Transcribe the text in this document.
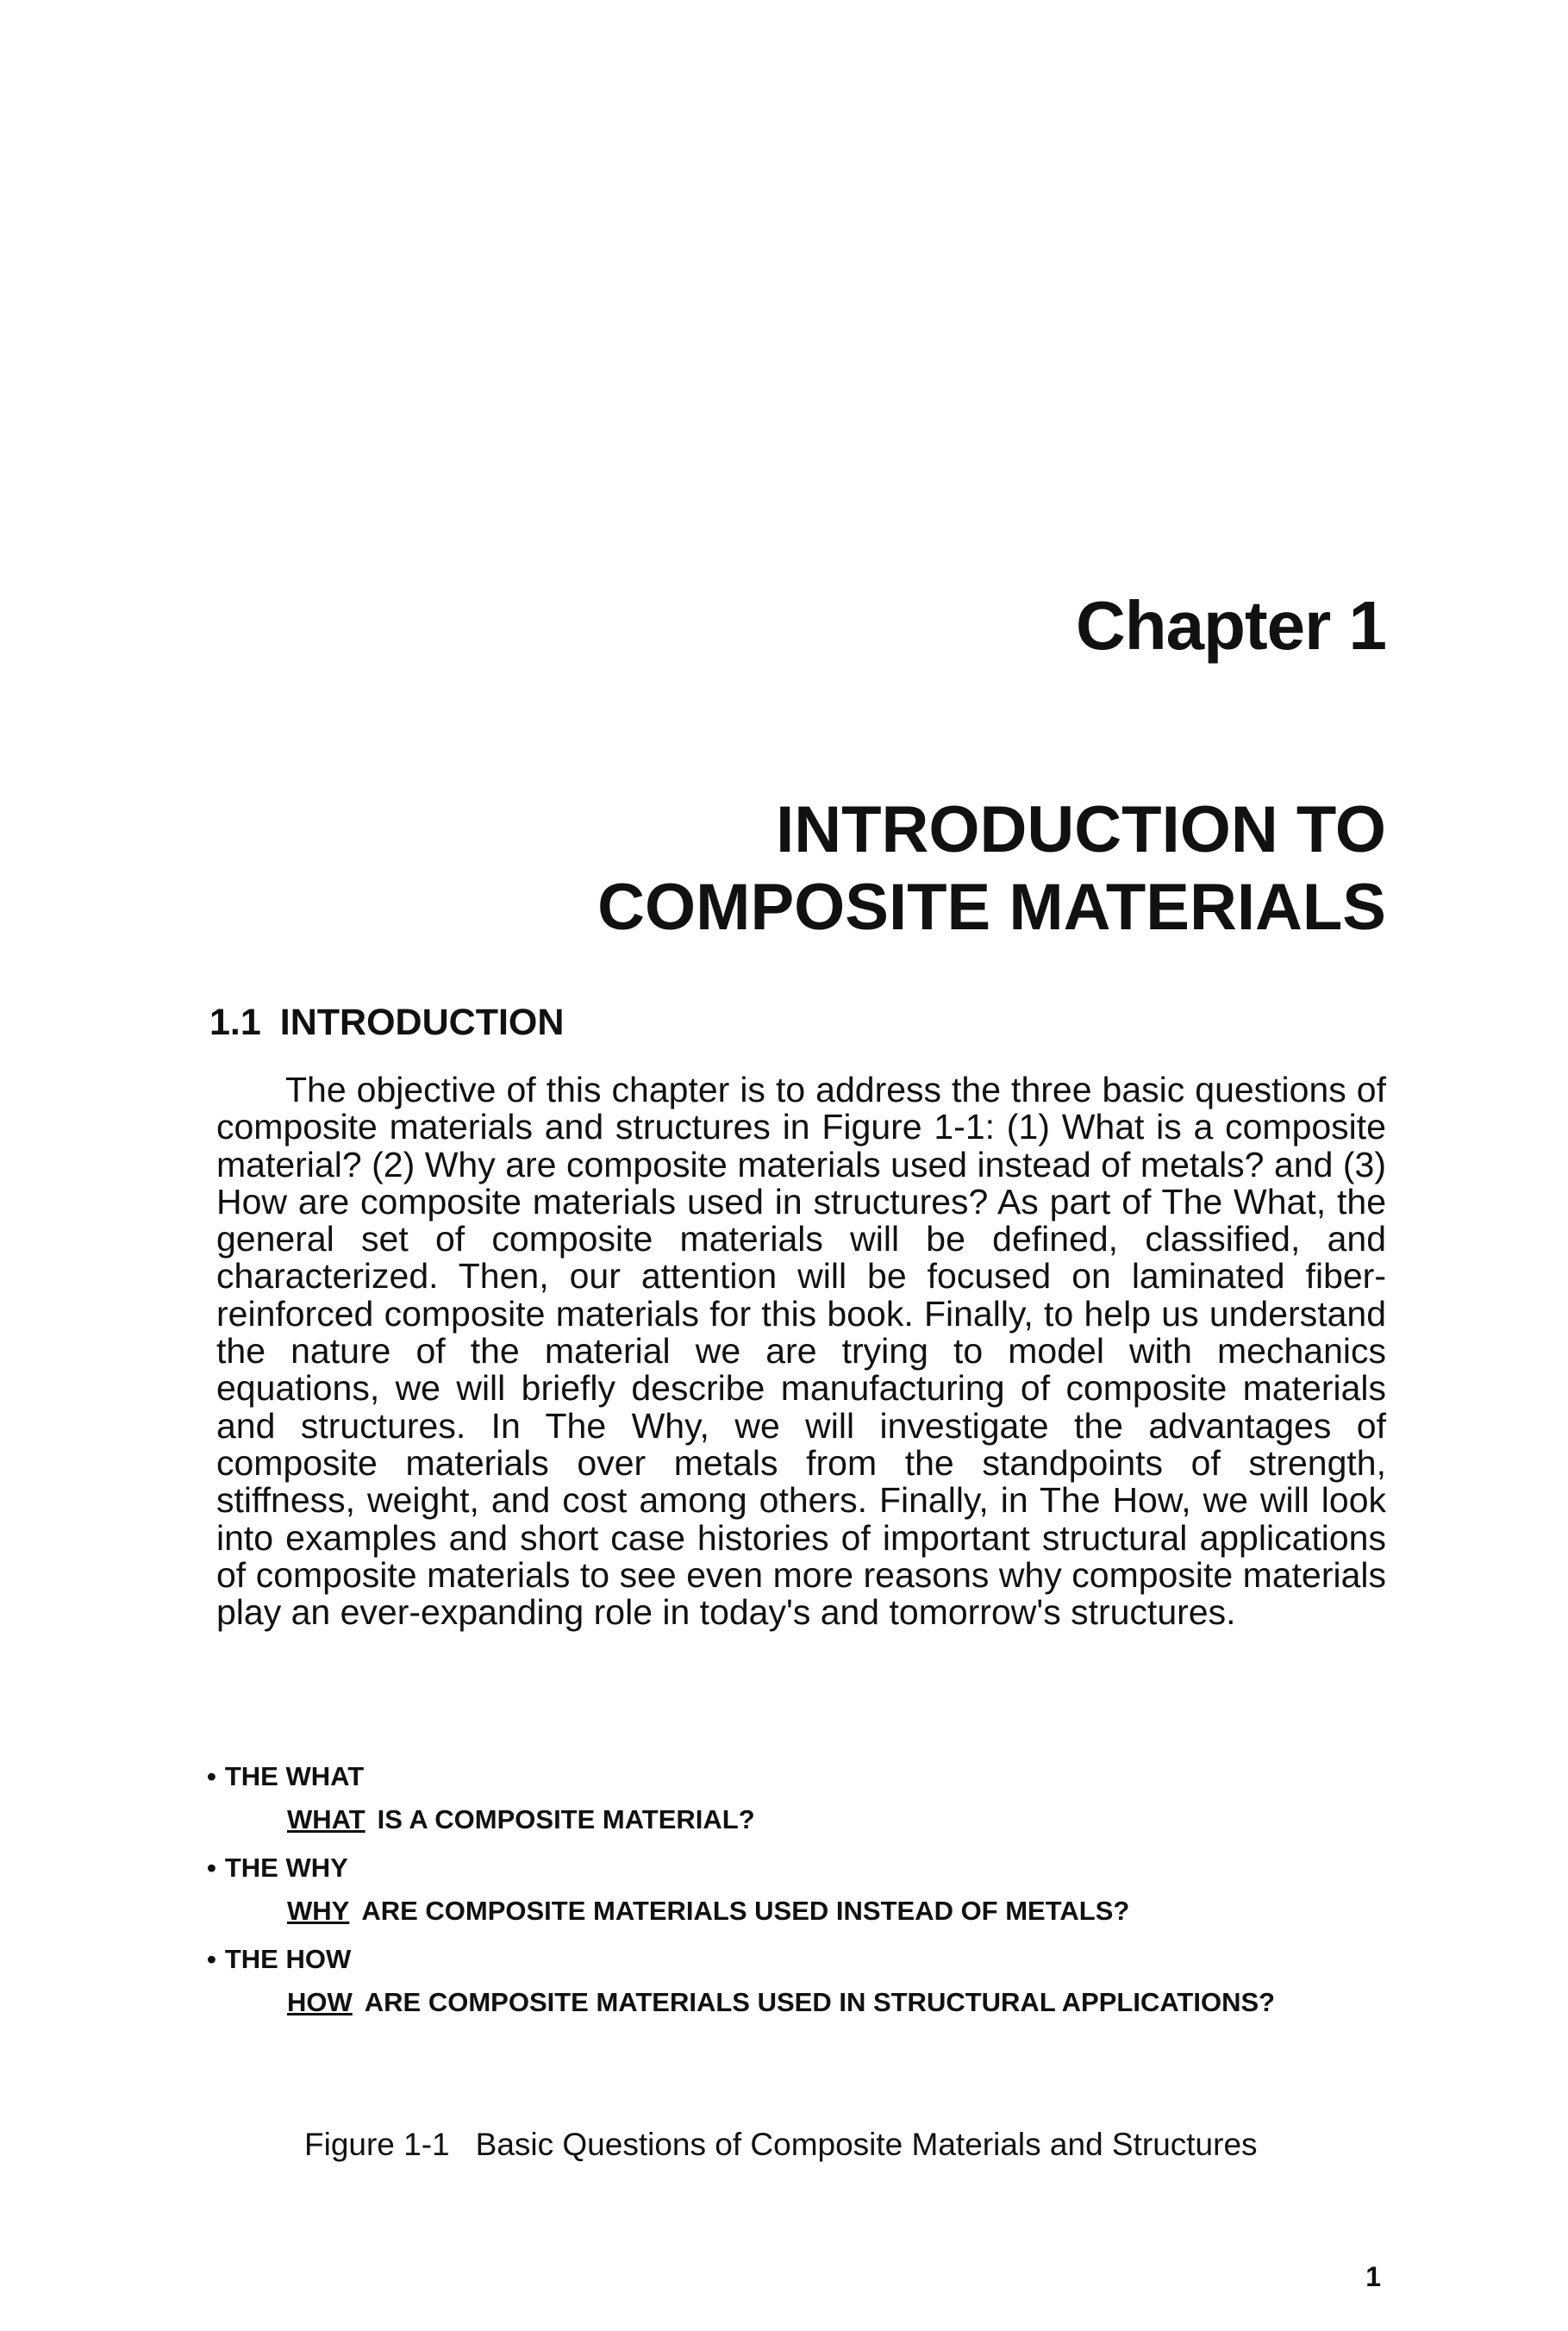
Chapter 1
INTRODUCTION TO
COMPOSITE MATERIALS
1.1 INTRODUCTION

The objective of this chapter is to address the three basic questions of composite materials and structures in Figure 1-1: (1) What is a composite material? (2) Why are composite materials used instead of metals? and (3) How are composite materials used in structures? As part of The What, the general set of composite materials will be defined, classified, and characterized. Then, our attention will be focused on laminated fiber-reinforced composite materials for this book. Finally, to help us understand the nature of the material we are trying to model with mechanics equations, we will briefly describe manufacturing of composite materials and structures. In The Why, we will investigate the advantages of composite materials over metals from the standpoints of strength, stiffness, weight, and cost among others. Finally, in The How, we will look into examples and short case histories of important structural applications of composite materials to see even more reasons why composite materials play an ever-expanding role in today's and tomorrow's structures.

• THE WHAT
WHAT IS A COMPOSITE MATERIAL?
• THE WHY
WHY ARE COMPOSITE MATERIALS USED INSTEAD OF METALS?
• THE HOW
HOW ARE COMPOSITE MATERIALS USED IN STRUCTURAL APPLICATIONS?

Figure 1-1 Basic Questions of Composite Materials and Structures

1
